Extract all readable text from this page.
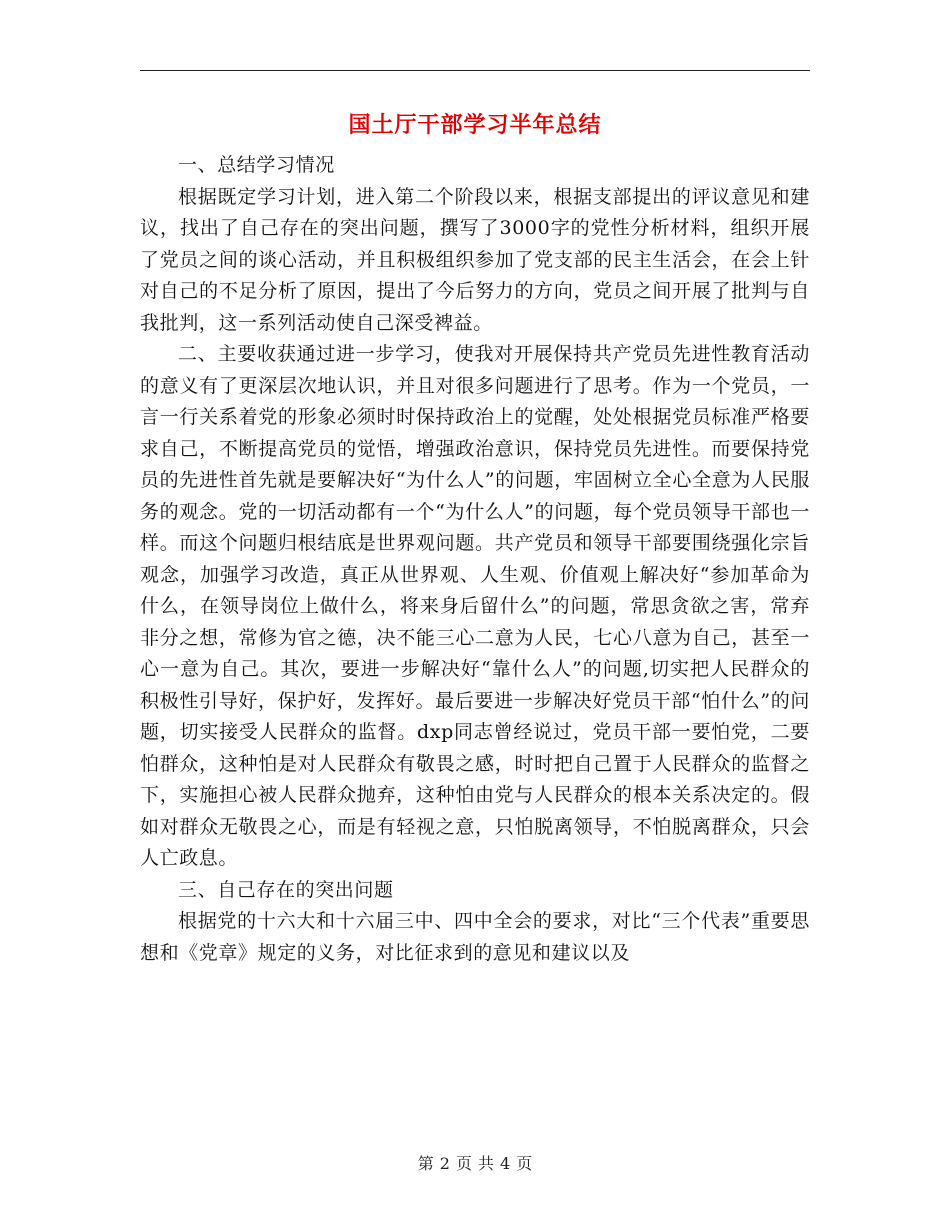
国土厅干部学习半年总结

一、总结学习情况

根据既定学习计划，进入第二个阶段以来，根据支部提出的评议意见和建议，找出了自己存在的突出问题，撰写了3000字的党性分析材料，组织开展了党员之间的谈心活动，并且积极组织参加了党支部的民主生活会，在会上针对自己的不足分析了原因，提出了今后努力的方向，党员之间开展了批判与自我批判，这一系列活动使自己深受裨益。

二、主要收获通过进一步学习，使我对开展保持共产党员先进性教育活动的意义有了更深层次地认识，并且对很多问题进行了思考。作为一个党员，一言一行关系着党的形象必须时时保持政治上的觉醒，处处根据党员标准严格要求自己，不断提高党员的觉悟，增强政治意识，保持党员先进性。而要保持党员的先进性首先就是要解决好“为什么人”的问题，牢固树立全心全意为人民服务的观念。党的一切活动都有一个“为什么人”的问题，每个党员领导干部也一样。而这个问题归根结底是世界观问题。共产党员和领导干部要围绕强化宗旨观念，加强学习改造，真正从世界观、人生观、价值观上解决好“参加革命为什么，在领导岗位上做什么，将来身后留什么”的问题，常思贪欲之害，常弃非分之想，常修为官之德，决不能三心二意为人民，七心八意为自己，甚至一心一意为自己。其次，要进一步解决好“靠什么人”的问题,切实把人民群众的积极性引导好，保护好，发挥好。最后要进一步解决好党员干部“怕什么”的问题，切实接受人民群众的监督。dxp同志曾经说过，党员干部一要怕党，二要怕群众，这种怕是对人民群众有敬畏之感，时时把自己置于人民群众的监督之下，实施担心被人民群众抛弃，这种怕由党与人民群众的根本关系决定的。假如对群众无敬畏之心，而是有轻视之意，只怕脱离领导，不怕脱离群众，只会人亡政息。

三、自己存在的突出问题

根据党的十六大和十六届三中、四中全会的要求，对比“三个代表”重要思想和《党章》规定的义务，对比征求到的意见和建议以及

第 2 页 共 4 页
